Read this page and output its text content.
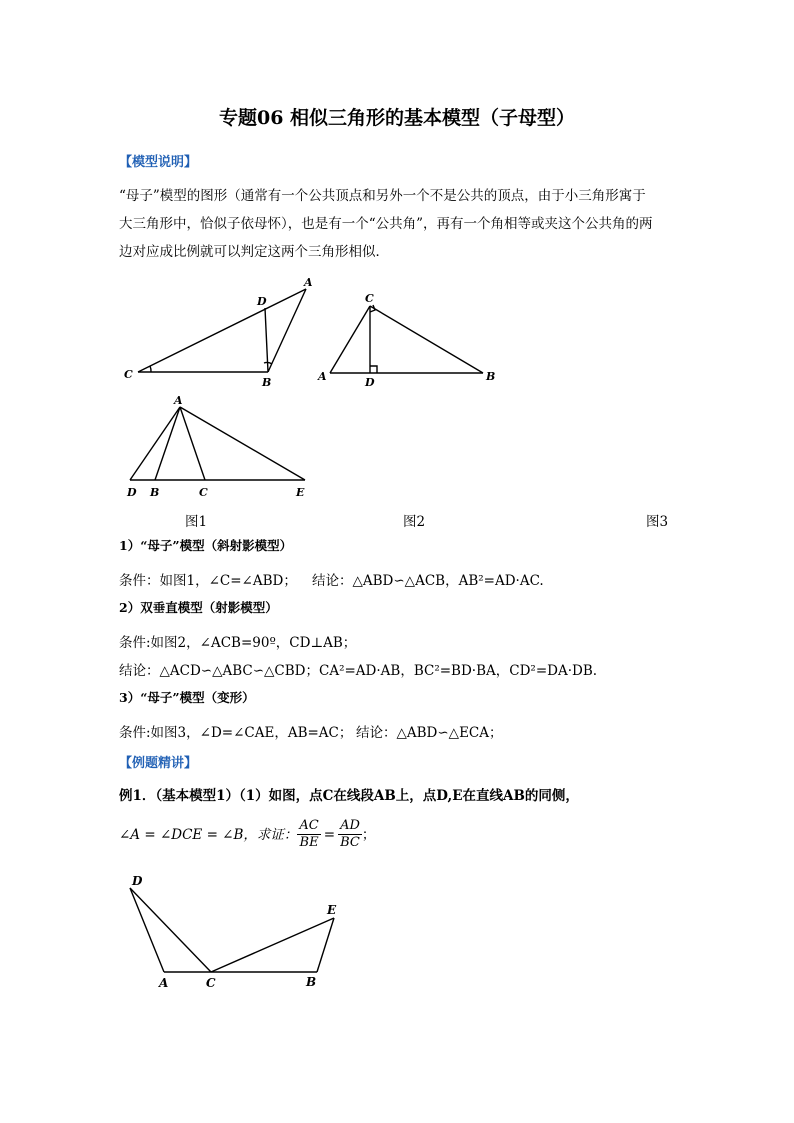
专题06 相似三角形的基本模型（子母型）
【模型说明】
“母子”模型的图形（通常有一个公共顶点和另外一个不是公共的顶点，由于小三角形寓于
大三角形中，恰似子依母怀），也是有一个“公共角”，再有一个角相等或夹这个公共角的两
边对应成比例就可以判定这两个三角形相似．
C
B
D
A
C
A	D	B
A
D B	C	E
图1	图2	图3
1）“母子”模型（斜射影模型）
条件：如图1，∠C=∠ABD； 结论：△ABD∽△ACB，AB²=AD·AC.
2）双垂直模型（射影模型）
条件:如图2，∠ACB=90º，CD⊥AB；
结论：△ACD∽△ABC∽△CBD；CA²=AD·AB，BC²=BD·BA，CD²=DA·DB.
3）“母子”模型（变形）
条件:如图3，∠D=∠CAE，AB=AC； 结论：△ABD∽△ECA；
【例题精讲】
例1．（基本模型1）（1）如图，点C在线段AB上，点D,E在直线AB的同侧，
∠A = ∠DCE = ∠B，求证： $\frac{AC}{BE} = \frac{AD}{BC}$ ；
D
A	C	B
E
